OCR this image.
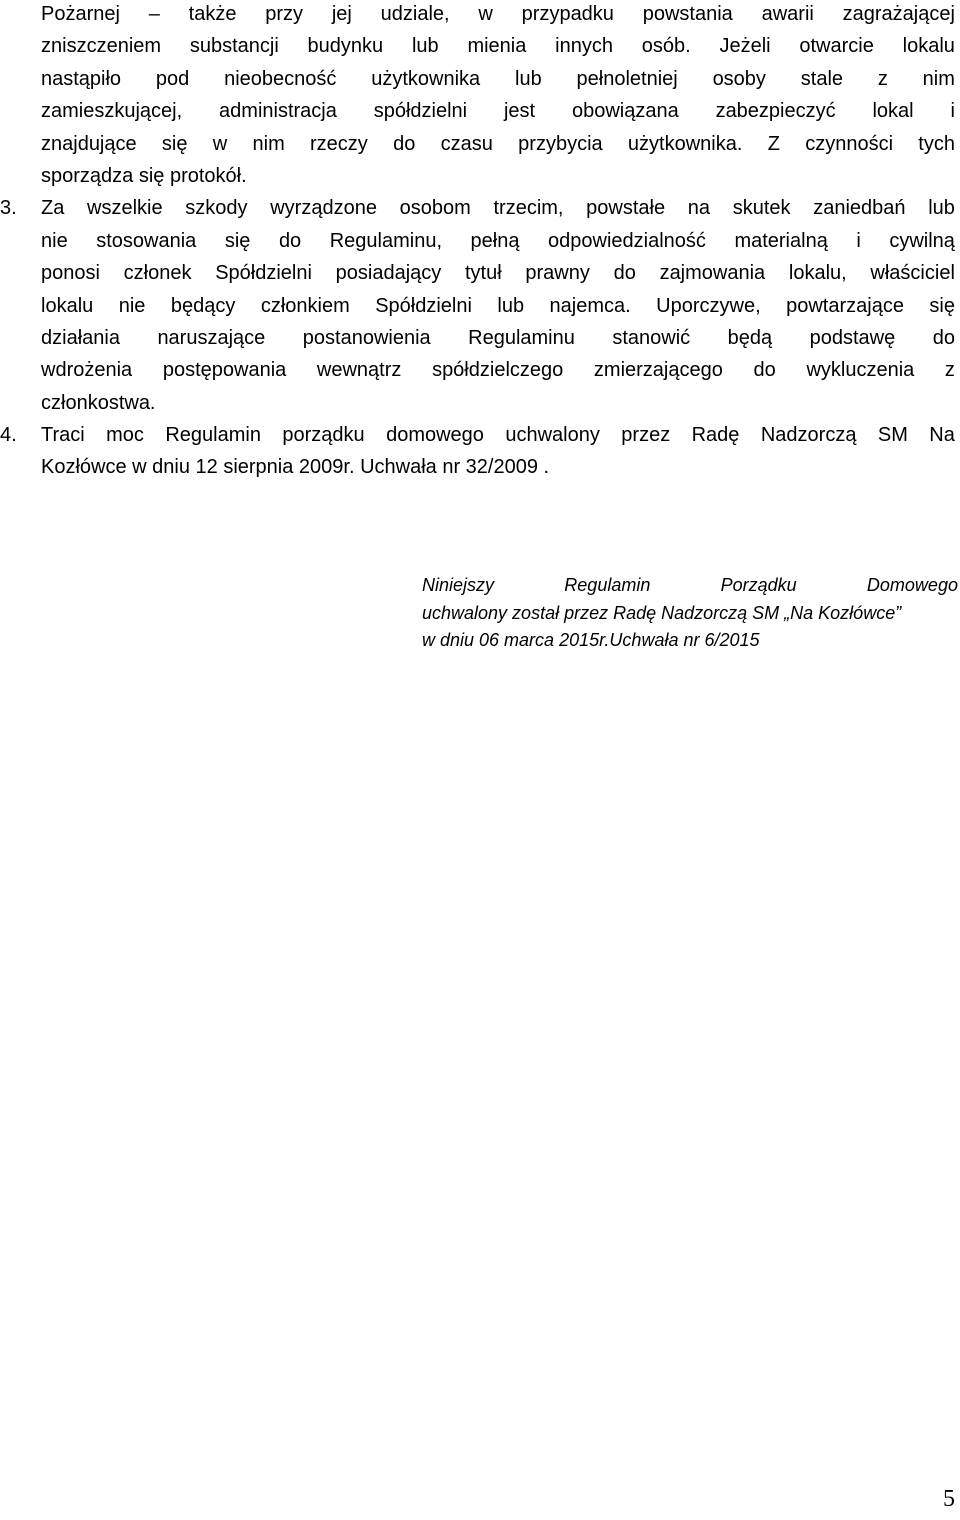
Pożarnej – także przy jej udziale, w przypadku powstania awarii zagrażającej
zniszczeniem substancji budynku lub mienia innych osób. Jeżeli otwarcie lokalu
nastąpiło pod nieobecność użytkownika lub pełnoletniej osoby stale z nim
zamieszkującej, administracja spółdzielni jest obowiązana zabezpieczyć lokal i
znajdujące się w nim rzeczy do czasu przybycia użytkownika. Z czynności tych
sporządza się protokół.
3.	Za wszelkie szkody wyrządzone osobom trzecim, powstałe na skutek zaniedbań lub
nie stosowania się do Regulaminu, pełną odpowiedzialność materialną i cywilną
ponosi członek Spółdzielni posiadający tytuł prawny do zajmowania lokalu, właściciel
lokalu nie będący członkiem Spółdzielni lub najemca. Uporczywe, powtarzające się
działania naruszające postanowienia Regulaminu stanowić będą podstawę do
wdrożenia postępowania wewnątrz spółdzielczego zmierzającego do wykluczenia z
członkostwa.
4.	Traci moc Regulamin porządku domowego uchwalony przez Radę Nadzorczą SM Na
Kozłówce w dniu 12 sierpnia 2009r. Uchwała nr 32/2009 .
Niniejszy	Regulamin	Porządku	Domowego
uchwalony został przez Radę Nadzorczą SM „Na Kozłówce”
w dniu 06 marca 2015r.Uchwała nr 6/2015
5
